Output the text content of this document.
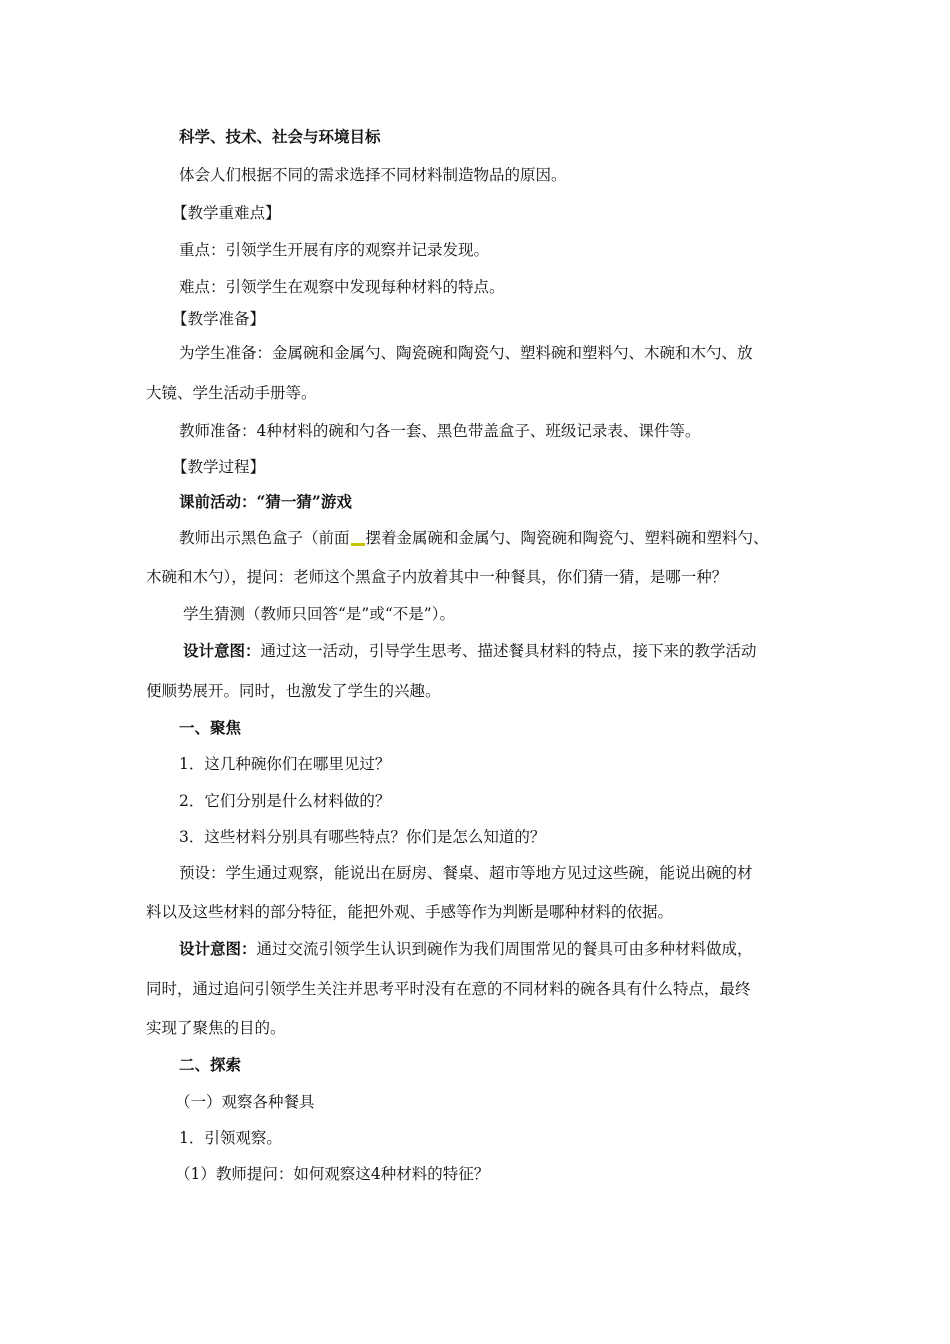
科学、技术、社会与环境目标
体会人们根据不同的需求选择不同材料制造物品的原因。
【教学重难点】
重点：引领学生开展有序的观察并记录发现。
难点：引领学生在观察中发现每种材料的特点。
【教学准备】
为学生准备：金属碗和金属勺、陶瓷碗和陶瓷勺、塑料碗和塑料勺、木碗和木勺、放
大镜、学生活动手册等。
教师准备：4种材料的碗和勺各一套、黑色带盖盒子、班级记录表、课件等。
【教学过程】
课前活动：“猜一猜”游戏
教师出示黑色盒子（前面 摆着金属碗和金属勺、陶瓷碗和陶瓷勺、塑料碗和塑料勺、
木碗和木勺），提问：老师这个黑盒子内放着其中一种餐具，你们猜一猜，是哪一种？
学生猜测（教师只回答“是”或“不是”）。
设计意图：通过这一活动，引导学生思考、描述餐具材料的特点，接下来的教学活动
便顺势展开。同时，也激发了学生的兴趣。
一、聚焦
1．这几种碗你们在哪里见过？
2．它们分别是什么材料做的？
3．这些材料分别具有哪些特点？你们是怎么知道的？
预设：学生通过观察，能说出在厨房、餐桌、超市等地方见过这些碗，能说出碗的材
料以及这些材料的部分特征，能把外观、手感等作为判断是哪种材料的依据。
设计意图：通过交流引领学生认识到碗作为我们周围常见的餐具可由多种材料做成，
同时，通过追问引领学生关注并思考平时没有在意的不同材料的碗各具有什么特点，最终
实现了聚焦的目的。
二、探索
（一）观察各种餐具
1．引领观察。
（1）教师提问：如何观察这4种材料的特征？
